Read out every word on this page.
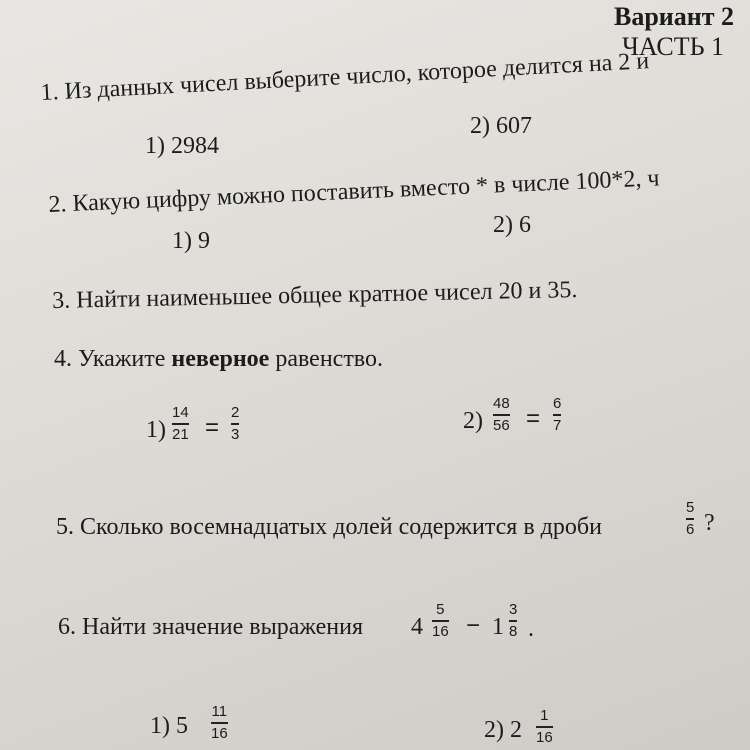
Вариант 2
ЧАСТЬ 1
1. Из данных чисел выберите число, которое делится на 2 и
1) 2984
2) 607
2. Какую цифру можно поставить вместо * в числе 100*2, ч
1) 9
2) 6
3. Найти наименьшее общее кратное чисел 20 и 35.
4. Укажите неверное равенство.
1)
14
21 =
2
3	2)
48
56 =
6
7
5. Сколько восемнадцатых долей содержится в дроби
5
6 ?
6. Найти значение выражения 4
5
16 − 1
3
8 .
1) 5
11
16	2) 2
1
16
